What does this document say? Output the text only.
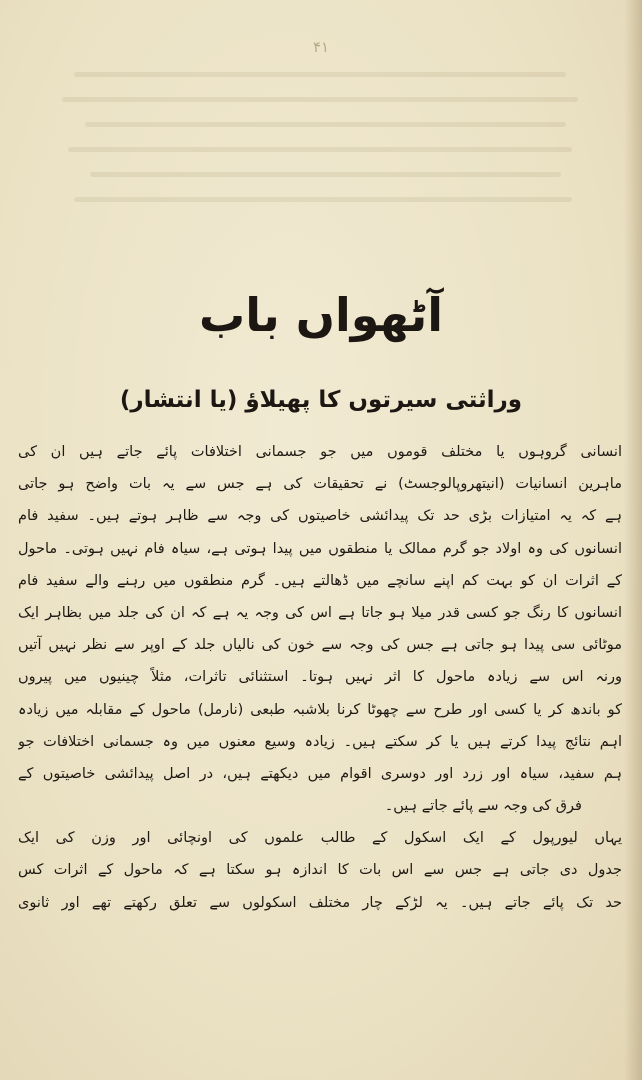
۴۱
آٹھواں باب
وراثتی سیرتوں کا پھیلاؤ (یا انتشار)
انسانی گروہوں یا مختلف قوموں میں جو جسمانی اختلافات پائے جاتے ہیں ان کی
ماہرین انسانیات (انیتھروپالوجسٹ) نے تحقیقات کی ہے جس سے یہ بات واضح ہو جاتی
ہے کہ یہ امتیازات بڑی حد تک پیدائشی خاصیتوں کی وجہ سے ظاہر ہوتے ہیں۔ سفید فام
انسانوں کی وہ اولاد جو گرم ممالک یا منطقوں میں پیدا ہوتی ہے، سیاہ فام نہیں ہوتی۔ ماحول
کے اثرات ان کو بہت کم اپنے سانچے میں ڈھالتے ہیں۔ گرم منطقوں میں رہنے والے سفید فام
انسانوں کا رنگ جو کسی قدر میلا ہو جاتا ہے اس کی وجہ یہ ہے کہ ان کی جلد میں بظاہر ایک
موٹائی سی پیدا ہو جاتی ہے جس کی وجہ سے خون کی نالیاں جلد کے اوپر سے نظر نہیں آتیں
ورنہ اس سے زیادہ ماحول کا اثر نہیں ہوتا۔ استثنائی تاثرات، مثلاً چینیوں میں پیروں
کو باندھ کر یا کسی اور طرح سے چھوٹا کرنا بلاشبہ طبعی (نارمل) ماحول کے مقابلہ میں زیادہ
اہم نتائج پیدا کرتے ہیں یا کر سکتے ہیں۔ زیادہ وسیع معنوں میں وہ جسمانی اختلافات جو
ہم سفید، سیاہ اور زرد اور دوسری اقوام میں دیکھتے ہیں، در اصل پیدائشی خاصیتوں کے
فرق کی وجہ سے پائے جاتے ہیں۔
یہاں لیورپول کے ایک اسکول کے طالب علموں کی اونچائی اور وزن کی ایک
جدول دی جاتی ہے جس سے اس بات کا اندازہ ہو سکتا ہے کہ ماحول کے اثرات کس
حد تک پائے جاتے ہیں۔ یہ لڑکے چار مختلف اسکولوں سے تعلق رکھتے تھے اور ثانوی
